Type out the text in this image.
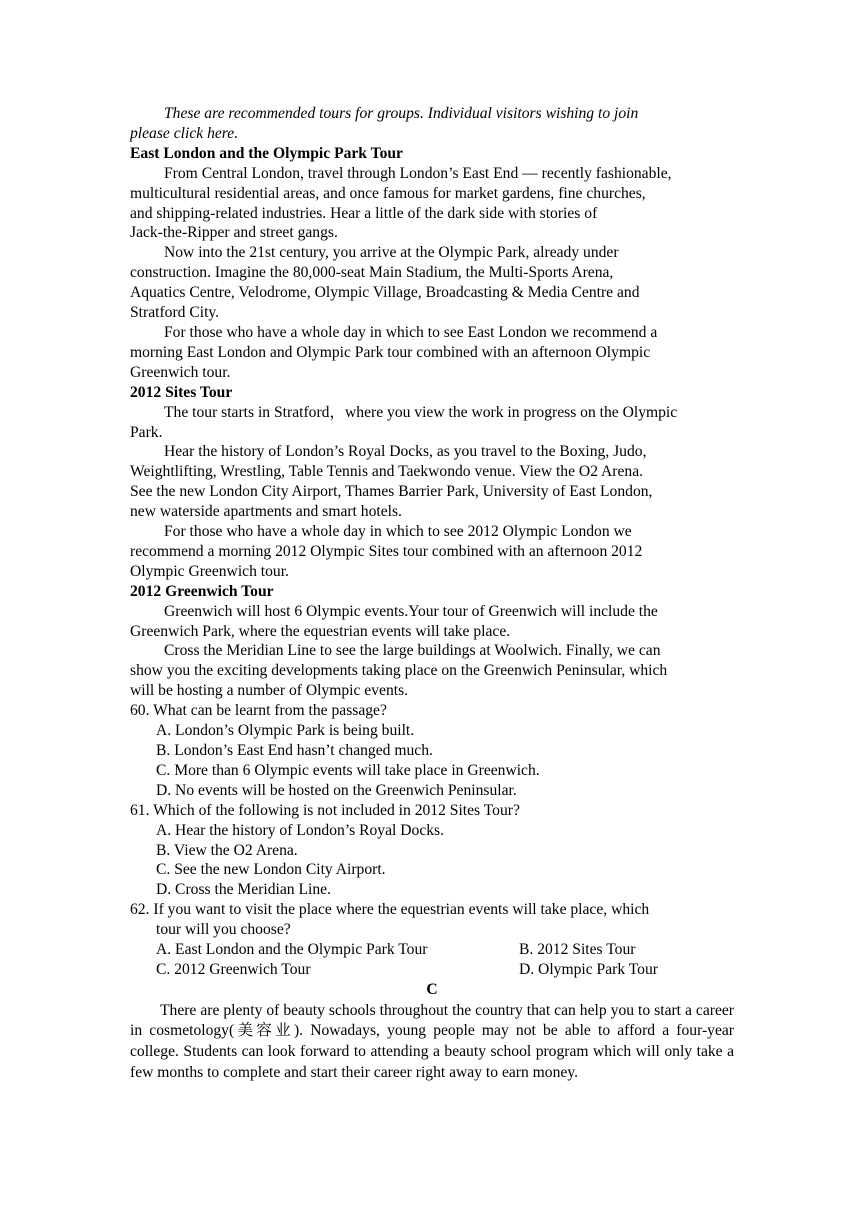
These are recommended tours for groups. Individual visitors wishing to join

please click here.

East London and the Olympic Park Tour

From Central London, travel through London’s East End — recently fashionable,

multicultural residential areas, and once famous for market gardens, fine churches,

and shipping-related industries. Hear a little of the dark side with stories of

Jack-the-Ripper and street gangs.

Now into the 21st century, you arrive at the Olympic Park, already under

construction. Imagine the 80,000-seat Main Stadium, the Multi-Sports Arena,

Aquatics Centre, Velodrome, Olympic Village, Broadcasting & Media Centre and

Stratford City.

For those who have a whole day in which to see East London we recommend a

morning East London and Olympic Park tour combined with an afternoon Olympic

Greenwich tour.

2012 Sites Tour

The tour starts in Stratford，where you view the work in progress on the Olympic

Park.

Hear the history of London’s Royal Docks, as you travel to the Boxing, Judo,

Weightlifting, Wrestling, Table Tennis and Taekwondo venue. View the O2 Arena.

See the new London City Airport, Thames Barrier Park, University of East London,

new waterside apartments and smart hotels.

For those who have a whole day in which to see 2012 Olympic London we

recommend a morning 2012 Olympic Sites tour combined with an afternoon 2012

Olympic Greenwich tour.

2012 Greenwich Tour

Greenwich will host 6 Olympic events.Your tour of Greenwich will include the

Greenwich Park, where the equestrian events will take place.

Cross the Meridian Line to see the large buildings at Woolwich. Finally, we can

show you the exciting developments taking place on the Greenwich Peninsular, which

will be hosting a number of Olympic events.

60. What can be learnt from the passage?

A. London’s Olympic Park is being built.

B. London’s East End hasn’t changed much.

C. More than 6 Olympic events will take place in Greenwich.

D. No events will be hosted on the Greenwich Peninsular.

61. Which of the following is not included in 2012 Sites Tour?

A. Hear the history of London’s Royal Docks.

B. View the O2 Arena.

C. See the new London City Airport.

D. Cross the Meridian Line.

62. If you want to visit the place where the equestrian events will take place, which

tour will you choose?

A. East London and the Olympic Park Tour	B. 2012 Sites Tour
C. 2012 Greenwich Tour	D. Olympic Park Tour

C

There are plenty of beauty schools throughout the country that can help you to start a career in cosmetology(美容业). Nowadays, young people may not be able to afford a four-year college. Students can look forward to attending a beauty school program which will only take a few months to complete and start their career right away to earn money.
